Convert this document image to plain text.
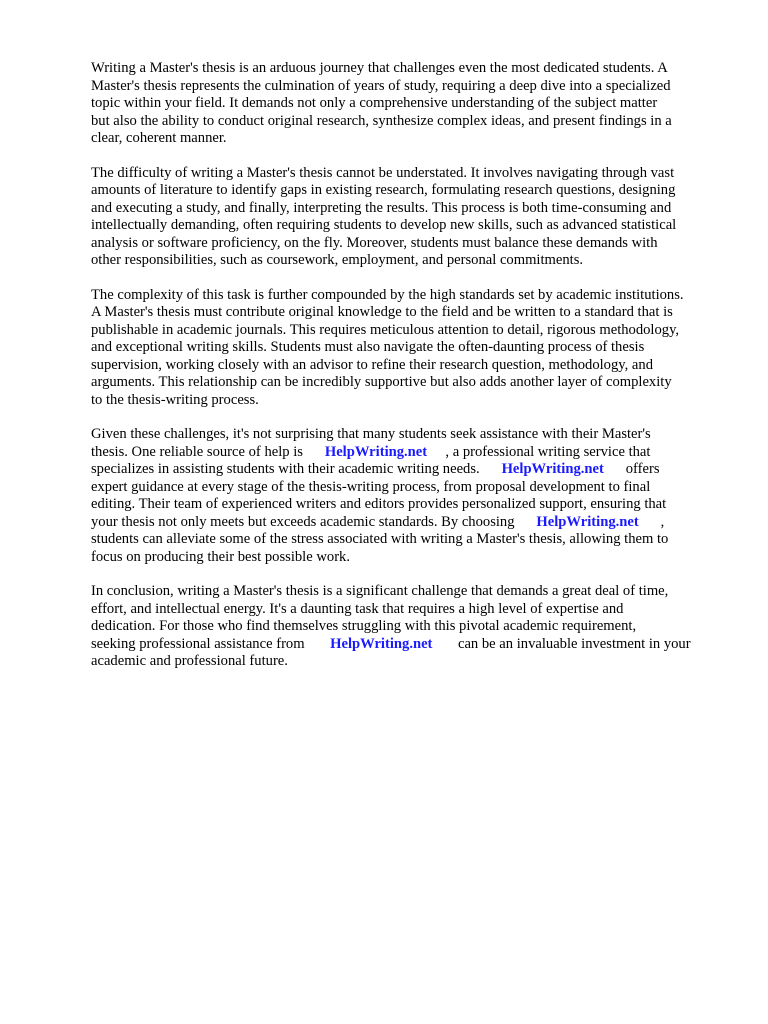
Writing a Master's thesis is an arduous journey that challenges even the most dedicated students. A
Master's thesis represents the culmination of years of study, requiring a deep dive into a specialized
topic within your field. It demands not only a comprehensive understanding of the subject matter
but also the ability to conduct original research, synthesize complex ideas, and present findings in a
clear, coherent manner.

The difficulty of writing a Master's thesis cannot be understated. It involves navigating through vast
amounts of literature to identify gaps in existing research, formulating research questions, designing
and executing a study, and finally, interpreting the results. This process is both time-consuming and
intellectually demanding, often requiring students to develop new skills, such as advanced statistical
analysis or software proficiency, on the fly. Moreover, students must balance these demands with
other responsibilities, such as coursework, employment, and personal commitments.

The complexity of this task is further compounded by the high standards set by academic institutions.
A Master's thesis must contribute original knowledge to the field and be written to a standard that is
publishable in academic journals. This requires meticulous attention to detail, rigorous methodology,
and exceptional writing skills. Students must also navigate the often-daunting process of thesis
supervision, working closely with an advisor to refine their research question, methodology, and
arguments. This relationship can be incredibly supportive but also adds another layer of complexity
to the thesis-writing process.

Given these challenges, it's not surprising that many students seek assistance with their Master's
thesis. One reliable source of help is HelpWriting.net , a professional writing service that
specializes in assisting students with their academic writing needs. HelpWriting.net offers
expert guidance at every stage of the thesis-writing process, from proposal development to final
editing. Their team of experienced writers and editors provides personalized support, ensuring that
your thesis not only meets but exceeds academic standards. By choosing HelpWriting.net ,
students can alleviate some of the stress associated with writing a Master's thesis, allowing them to
focus on producing their best possible work.

In conclusion, writing a Master's thesis is a significant challenge that demands a great deal of time,
effort, and intellectual energy. It's a daunting task that requires a high level of expertise and
dedication. For those who find themselves struggling with this pivotal academic requirement,
seeking professional assistance from HelpWriting.net can be an invaluable investment in your
academic and professional future.
